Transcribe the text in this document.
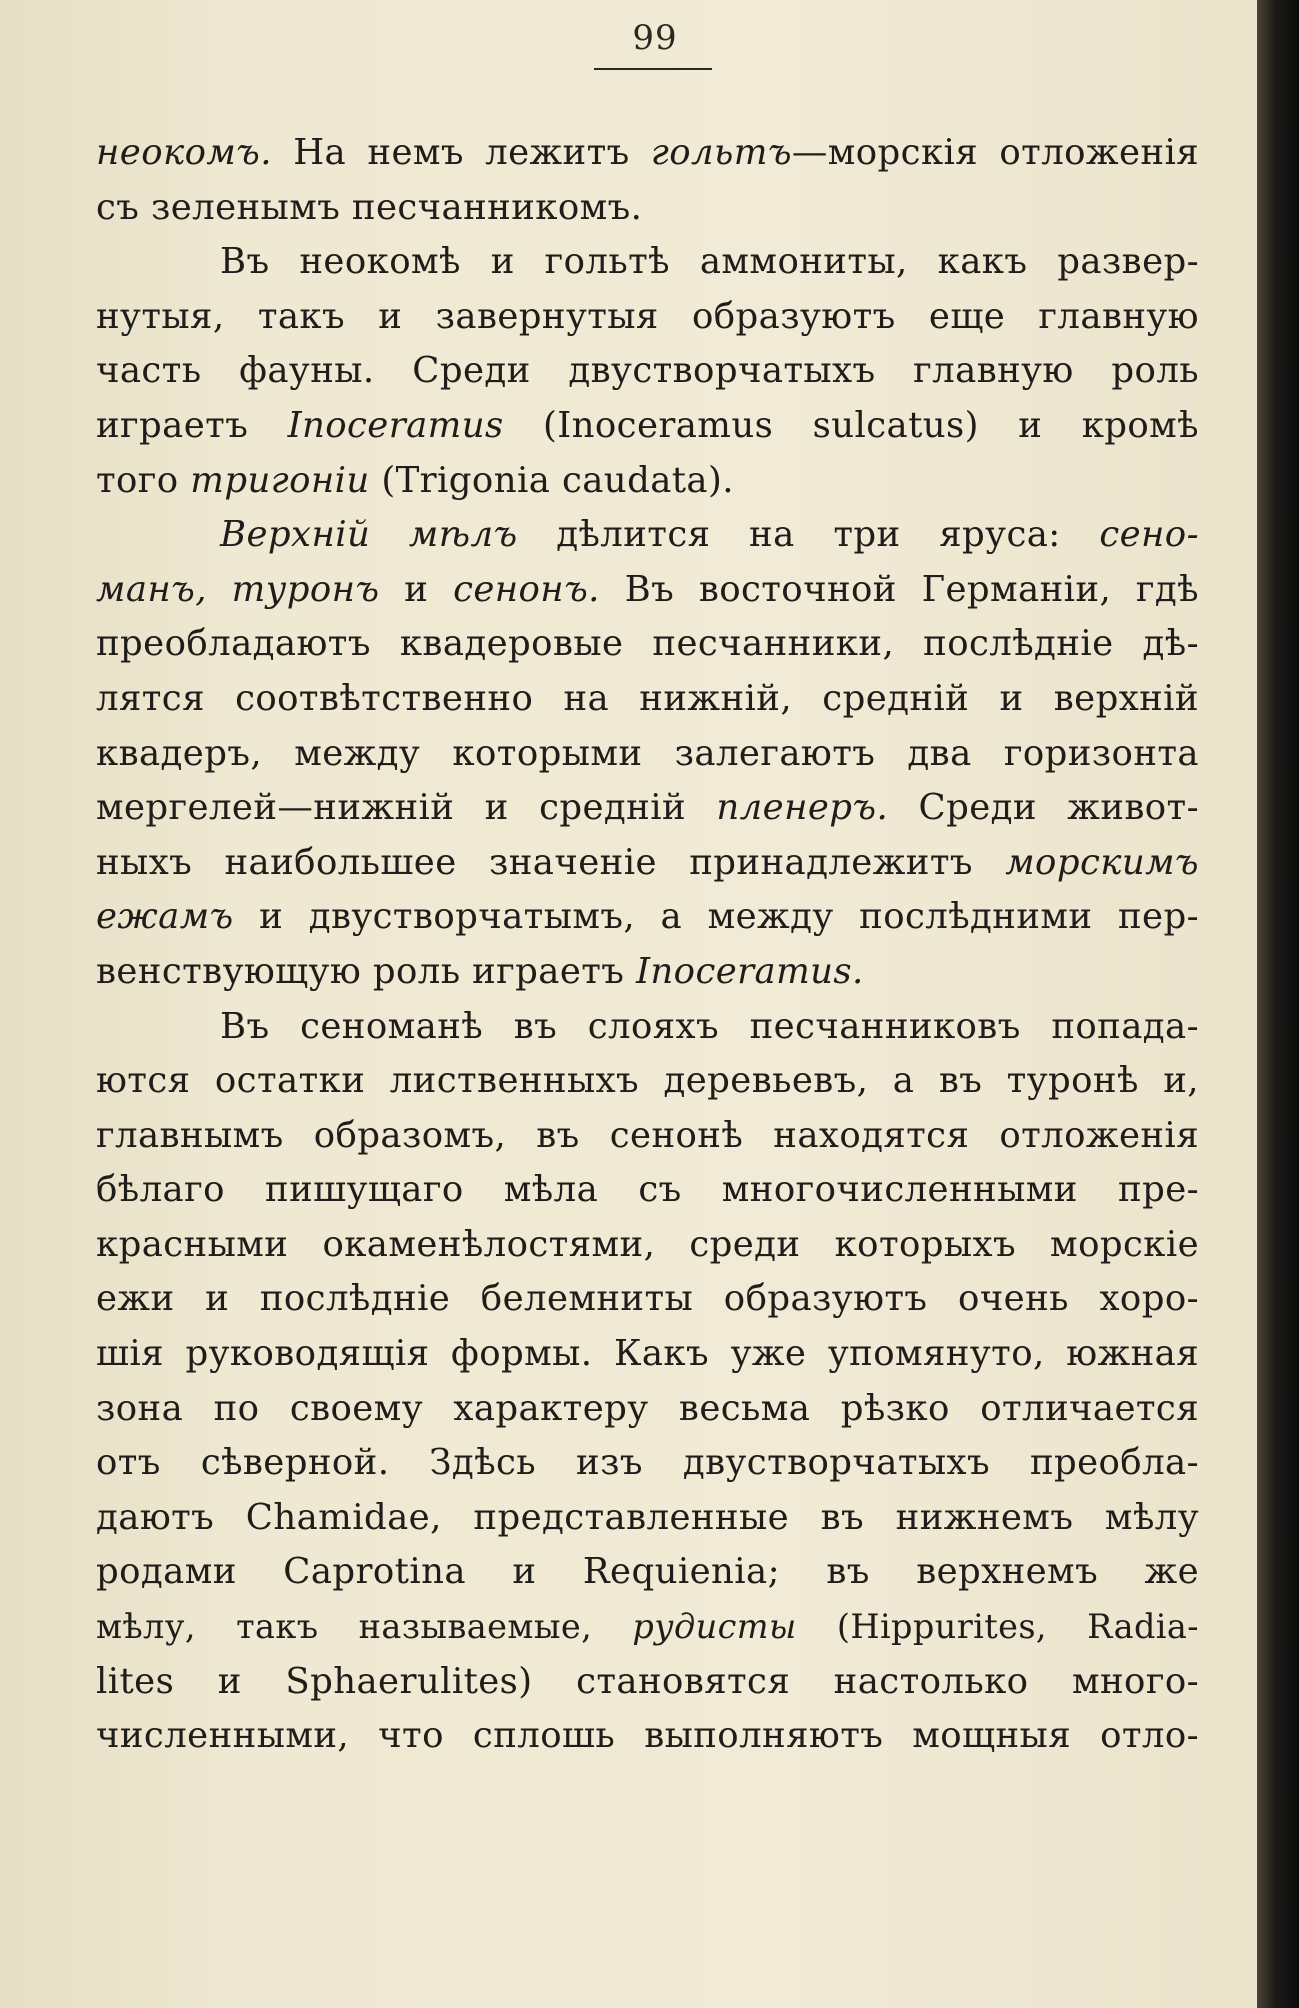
99
неокомъ. На немъ лежитъ гольтъ—морскія отложенія
съ зеленымъ песчанникомъ.
Въ неокомѣ и гольтѣ аммониты, какъ развер-
нутыя, такъ и завернутыя образуютъ еще главную
часть фауны. Среди двустворчатыхъ главную роль
играетъ Inoceramus (Inoceramus sulcatus) и кромѣ
того тригоніи (Trigonia caudata).
Верхній мѣлъ дѣлится на три яруса: сено-
манъ, туронъ и сенонъ. Въ восточной Германіи, гдѣ
преобладаютъ квадеровые песчанники, послѣдніе дѣ-
лятся соотвѣтственно на нижній, средній и верхній
квадеръ, между которыми залегаютъ два горизонта
мергелей—нижній и средній пленеръ. Среди живот-
ныхъ наибольшее значеніе принадлежитъ морскимъ
ежамъ и двустворчатымъ, а между послѣдними пер-
венствующую роль играетъ Inoceramus.
Въ сеноманѣ въ слояхъ песчанниковъ попада-
ются остатки лиственныхъ деревьевъ, а въ туронѣ и,
главнымъ образомъ, въ сенонѣ находятся отложенія
бѣлаго пишущаго мѣла съ многочисленными пре-
красными окаменѣлостями, среди которыхъ морскіе
ежи и послѣдніе белемниты образуютъ очень хоро-
шія руководящія формы. Какъ уже упомянуто, южная
зона по своему характеру весьма рѣзко отличается
отъ сѣверной. Здѣсь изъ двустворчатыхъ преобла-
даютъ Chamidae, представленные въ нижнемъ мѣлу
родами Caprotina и Requienia; въ верхнемъ же
мѣлу, такъ называемые, рудисты (Hippurites, Radia-
lites и Sphaerulites) становятся настолько много-
численными, что сплошь выполняютъ мощныя отло-
